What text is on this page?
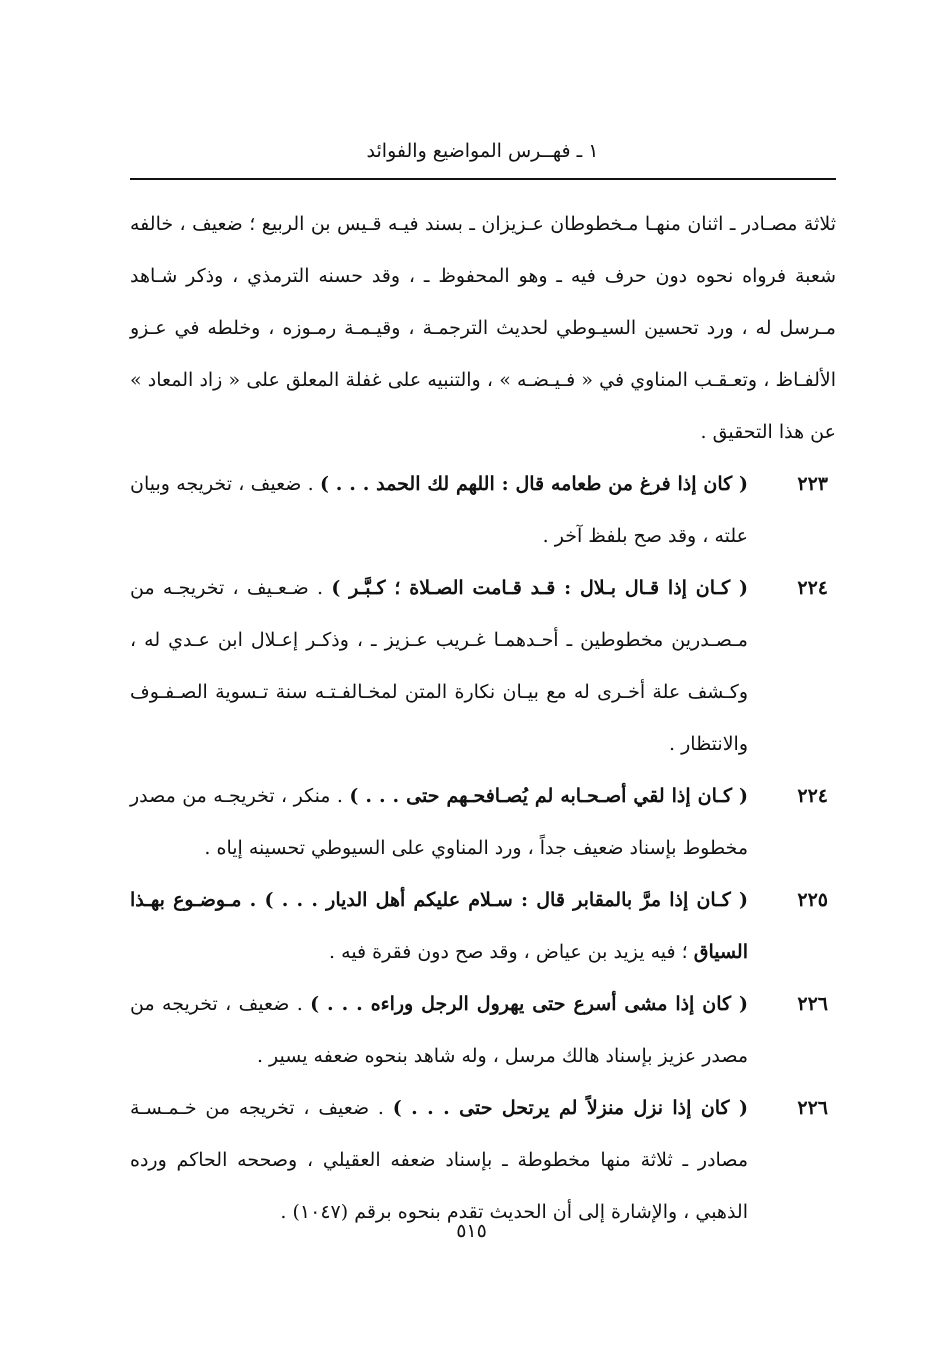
١ ـ فهــرس المواضيع والفوائد
ثلاثة مصـادر ـ اثنان منهـا مـخطوطان عـزيزان ـ بسند فيـه قـيس بن الربيع ؛ ضعيف ، خالفه شعبة فرواه نحوه دون حرف فيه ـ وهو المحفوظ ـ ، وقد حسنه الترمذي ، وذكر شـاهد مـرسل له ، ورد تحسين السيـوطي لحديث الترجمـة ، وقيـمـة رمـوزه ، وخلطه في عـزو الألفـاظ ، وتعـقـب المناوي في « فـيـضـه » ، والتنبيه على غفلة المعلق على « زاد المعاد » عن هذا التحقيق .
٢٢٣
( كان إذا فرغ من طعامه قال : اللهم لك الحمد . . . ) . ضعيف ، تخريجه وبيان علته ، وقد صح بلفظ آخر .
٢٢٤
( كـان إذا قـال بـلال : قـد قـامت الصـلاة ؛ كـبَّـر ) . ضـعـيف ، تخريجـه من مـصـدرين مخطوطين ـ أحـدهمـا غـريب عـزيز ـ ، وذكـر إعـلال ابن عـدي له ، وكـشف علة أخـرى له مع بيـان نكارة المتن لمخـالفـتـه سنة تـسوية الصـفـوف والانتظار .
٢٢٤
( كـان إذا لقي أصـحـابه لم يُصـافحـهم حتى . . . ) . منكر ، تخريجـه من مصدر مخطوط بإسناد ضعيف جداً ، ورد المناوي على السيوطي تحسينه إياه .
٢٢٥
( كـان إذا مرَّ بالمقابر قال : سـلام عليكم أهل الديار . . . ) . مـوضـوع بهـذا السياق ؛ فيه يزيد بن عياض ، وقد صح دون فقرة فيه .
٢٢٦
( كان إذا مشى أسرع حتى يهرول الرجل وراءه . . . ) . ضعيف ، تخريجه من مصدر عزيز بإسناد هالك مرسل ، وله شاهد بنحوه ضعفه يسير .
٢٢٦
( كان إذا نزل منزلاً لم يرتحل حتى . . . ) . ضعيف ، تخريجه من خـمـسـة مصادر ـ ثلاثة منها مخطوطة ـ بإسناد ضعفه العقيلي ، وصححه الحاكم ورده الذهبي ، والإشارة إلى أن الحديث تقدم بنحوه برقم (١٠٤٧) .
٥١٥
